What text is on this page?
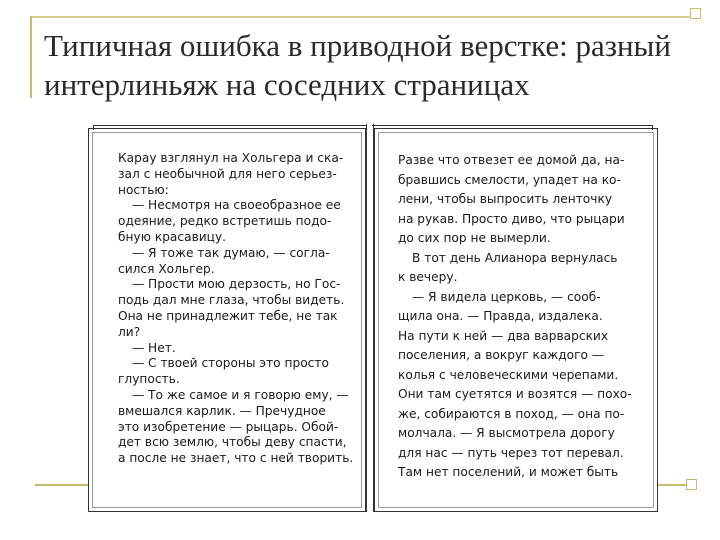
Типичная ошибка в приводной верстке: разный интерлиньяж на соседних страницах
Карау взглянул на Хольгера и ска-
зал с необычной для него серьез-
ностью:
— Несмотря на своеобразное ее
одеяние, редко встретишь подо-
бную красавицу.
— Я тоже так думаю, — согла-
сился Хольгер.
— Прости мою дерзость, но Гос-
подь дал мне глаза, чтобы видеть.
Она не принадлежит тебе, не так
ли?
— Нет.
— С твоей стороны это просто
глупость.
— То же самое и я говорю ему, —
вмешался карлик. — Пречудное
это изобретение — рыцарь. Обой-
дет всю землю, чтобы деву спасти,
а после не знает, что с ней творить.
Разве что отвезет ее домой да, на-
бравшись смелости, упадет на ко-
лени, чтобы выпросить ленточку
на рукав. Просто диво, что рыцари
до сих пор не вымерли.
В тот день Алианора вернулась
к вечеру.
— Я видела церковь, — сооб-
щила она. — Правда, издалека.
На пути к ней — два варварских
поселения, а вокруг каждого —
колья с человеческими черепами.
Они там суетятся и возятся — похо-
же, собираются в поход, — она по-
молчала. — Я высмотрела дорогу
для нас — путь через тот перевал.
Там нет поселений, и может быть
